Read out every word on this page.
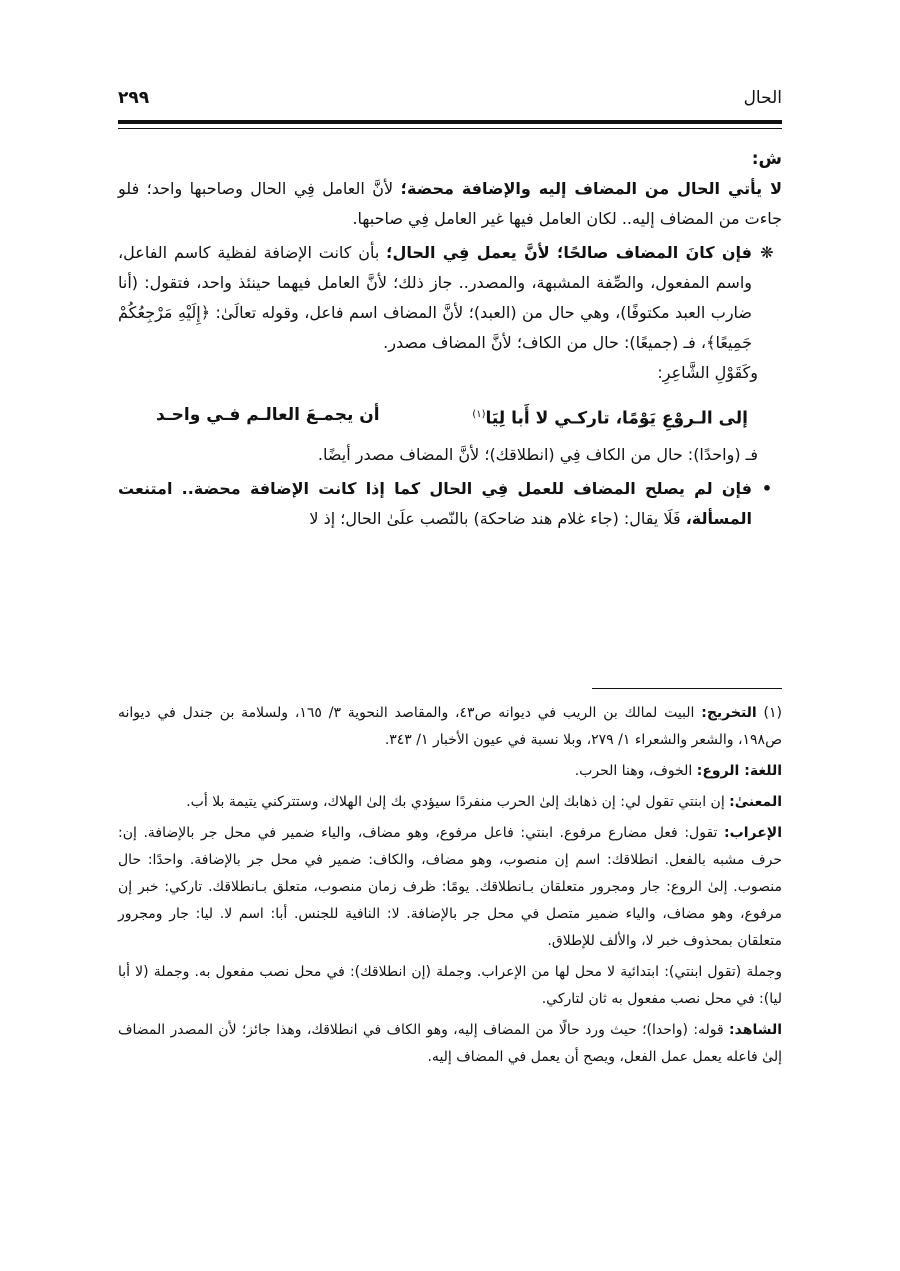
الحال
٢٩٩

ش:

لا يأتي الحال من المضاف إليه والإضافة محضة؛ لأنَّ العامل فِي الحال وصاحبها واحد؛ فلو جاءت من المضاف إليه.. لكان العامل فيها غير العامل فِي صاحبها.

❋
فإن كانَ المضاف صالحًا؛ لأنَّ يعمل فِي الحال؛ بأن كانت الإضافة لفظية كاسم الفاعل، واسم المفعول، والصِّفة المشبهة، والمصدر.. جاز ذلك؛ لأنَّ العامل فيهما حينئذ واحد، فتقول: (أنا ضارب العبد مكتوفًا)، وهي حال من (العبد)؛ لأنَّ المضاف اسم فاعل، وقوله تعالَىٰ: ﴿إِلَيْهِ مَرْجِعُكُمْ جَمِيعًا﴾، فـ (جميعًا): حال من الكاف؛ لأنَّ المضاف مصدر.

وكَقَوْلِ الشَّاعِرِ:

إلى الـروْعِ يَوْمًا، تاركـي لا أَبا لِيَا$^{(١)}$
أن يجمـعَ العالـم فـي واحـد

فـ (واحدًا): حال من الكاف فِي (انطلاقك)؛ لأنَّ المضاف مصدر أيضًا.

•
فإن لم يصلح المضاف للعمل فِي الحال كما إذا كانت الإضافة محضة.. امتنعت المسألة، فَلَا يقال: (جاء غلام هند ضاحكة) بالنّصب علَىٰ الحال؛ إذ لا

(١) التخريج: البيت لمالك بن الريب في ديوانه ص٤٣، والمقاصد النحوية ٣/ ١٦٥، ولسلامة بن جندل في ديوانه ص١٩٨، والشعر والشعراء ١/ ٢٧٩، وبلا نسبة في عيون الأخبار ١/ ٣٤٣.

اللغة: الروع: الخوف، وهنا الحرب.

المعنىٰ: إن ابنتي تقول لي: إن ذهابك إلىٰ الحرب منفردًا سيؤدي بك إلىٰ الهلاك، وستتركني يتيمة بلا أب.

الإعراب: تقول: فعل مضارع مرفوع. ابنتي: فاعل مرفوع، وهو مضاف، والياء ضمير في محل جر بالإضافة. إن: حرف مشبه بالفعل. انطلاقك: اسم إن منصوب، وهو مضاف، والكاف: ضمير في محل جر بالإضافة. واحدًا: حال منصوب. إلىٰ الروع: جار ومجرور متعلقان بـانطلاقك. يومًا: ظرف زمان منصوب، متعلق بـانطلاقك. تاركي: خبر إن مرفوع، وهو مضاف، والياء ضمير متصل في محل جر بالإضافة. لا: النافية للجنس. أبا: اسم لا. ليا: جار ومجرور متعلقان بمحذوف خبر لا، والألف للإطلاق.

وجملة (تقول ابنتي): ابتدائية لا محل لها من الإعراب. وجملة (إن انطلاقك): في محل نصب مفعول به. وجملة (لا أبا ليا): في محل نصب مفعول به ثان لتاركي.

الشاهد: قوله: (واحدا)؛ حيث ورد حالًا من المضاف إليه، وهو الكاف في انطلاقك، وهذا جائز؛ لأن المصدر المضاف إلىٰ فاعله يعمل عمل الفعل، ويصح أن يعمل في المضاف إليه.
